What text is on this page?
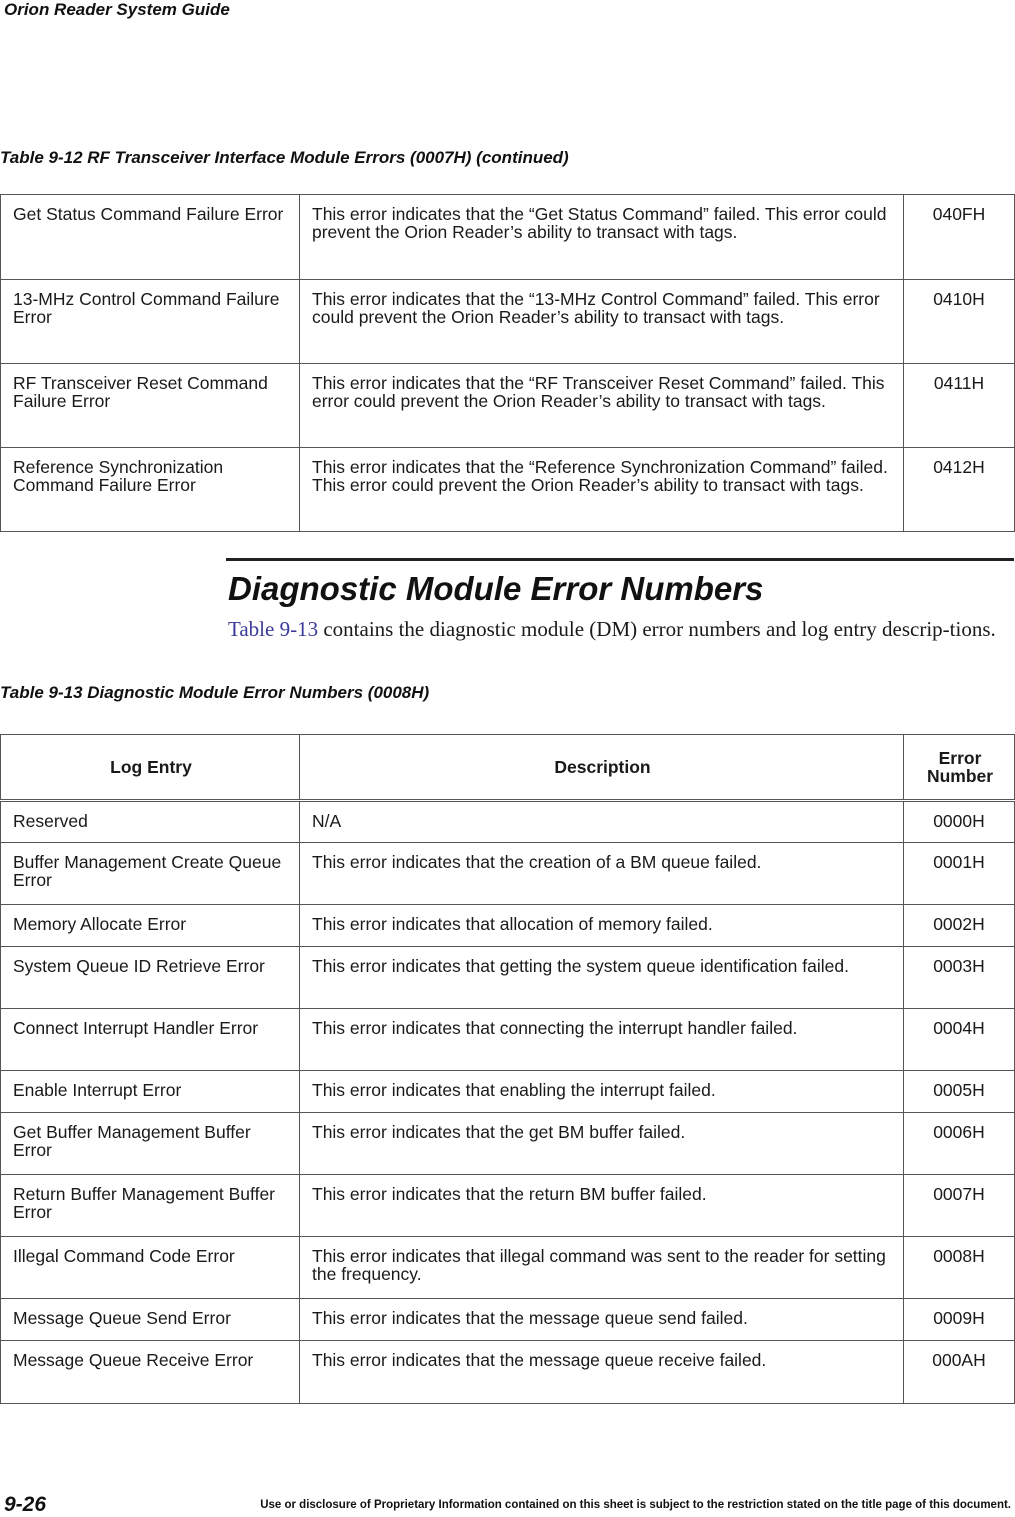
Orion Reader System Guide
Table 9-12 RF Transceiver Interface Module Errors (0007H) (continued)
Get Status Command Failure Error	This error indicates that the “Get Status Command” failed. This error could prevent the Orion Reader’s ability to transact with tags.	040FH
13-MHz Control Command Failure Error	This error indicates that the “13-MHz Control Command” failed. This error could prevent the Orion Reader’s ability to transact with tags.	0410H
RF Transceiver Reset Command Failure Error	This error indicates that the “RF Transceiver Reset Command” failed. This error could prevent the Orion Reader’s ability to transact with tags.	0411H
Reference Synchronization Command Failure Error	This error indicates that the “Reference Synchronization Command” failed. This error could prevent the Orion Reader’s ability to transact with tags.	0412H
Diagnostic Module Error Numbers
Table 9-13 contains the diagnostic module (DM) error numbers and log entry descrip-tions.
Table 9-13 Diagnostic Module Error Numbers (0008H)
Log Entry	Description	Error
Number
Reserved	N/A	0000H
Buffer Management Create Queue Error	This error indicates that the creation of a BM queue failed.	0001H
Memory Allocate Error	This error indicates that allocation of memory failed.	0002H
System Queue ID Retrieve Error	This error indicates that getting the system queue identification failed.	0003H
Connect Interrupt Handler Error	This error indicates that connecting the interrupt handler failed.	0004H
Enable Interrupt Error	This error indicates that enabling the interrupt failed.	0005H
Get Buffer Management Buffer Error	This error indicates that the get BM buffer failed.	0006H
Return Buffer Management Buffer Error	This error indicates that the return BM buffer failed.	0007H
Illegal Command Code Error	This error indicates that illegal command was sent to the reader for setting the frequency.	0008H
Message Queue Send Error	This error indicates that the message queue send failed.	0009H
Message Queue Receive Error	This error indicates that the message queue receive failed.	000AH
9-26	Use or disclosure of Proprietary Information contained on this sheet is subject to the restriction stated on the title page of this document.
